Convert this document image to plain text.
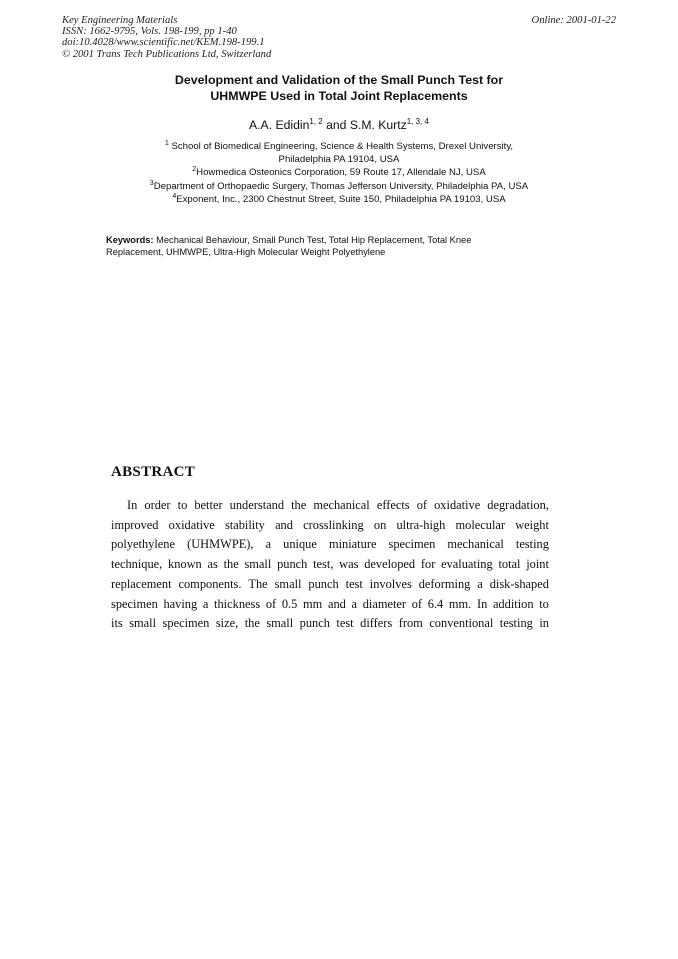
Key Engineering Materials
ISSN: 1662-9795, Vols. 198-199, pp 1-40
doi:10.4028/www.scientific.net/KEM.198-199.1
© 2001 Trans Tech Publications Ltd, Switzerland
Online: 2001-01-22
Development and Validation of the Small Punch Test for
UHMWPE Used in Total Joint Replacements
A.A. Edidin$^{1, 2}$ and S.M. Kurtz$^{1, 3, 4}$
$^1$ School of Biomedical Engineering, Science & Health Systems, Drexel University,
Philadelphia PA 19104, USA
$^2$Howmedica Osteonics Corporation, 59 Route 17, Allendale NJ, USA
$^3$Department of Orthopaedic Surgery, Thomas Jefferson University, Philadelphia PA, USA
$^4$Exponent, Inc., 2300 Chestnut Street, Suite 150, Philadelphia PA 19103, USA
Keywords: Mechanical Behaviour, Small Punch Test, Total Hip Replacement, Total Knee
Replacement, UHMWPE, Ultra-High Molecular Weight Polyethylene
ABSTRACT
In order to better understand the mechanical effects of oxidative degradation,
improved oxidative stability and crosslinking on ultra-high molecular weight
polyethylene (UHMWPE), a unique miniature specimen mechanical testing
technique, known as the small punch test, was developed for evaluating total joint
replacement components. The small punch test involves deforming a disk-shaped
specimen having a thickness of 0.5 mm and a diameter of 6.4 mm. In addition to
its small specimen size, the small punch test differs from conventional testing in
